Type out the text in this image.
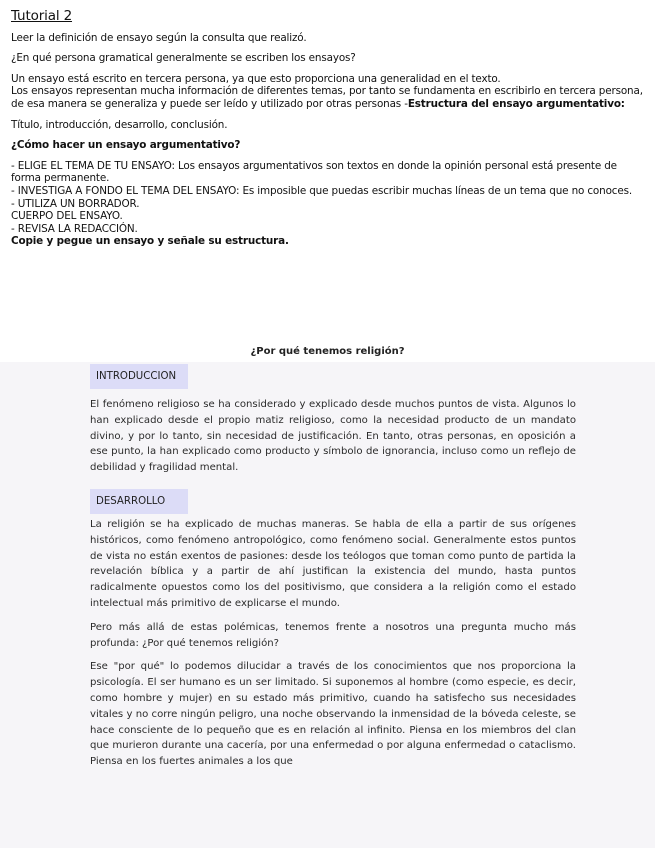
Tutorial 2

Leer la definición de ensayo según la consulta que realizó.

¿En qué persona gramatical generalmente se escriben los ensayos?

Un ensayo está escrito en tercera persona, ya que esto proporciona una generalidad en el texto.
Los ensayos representan mucha información de diferentes temas, por tanto se fundamenta en escribirlo en tercera persona, de esa manera se generaliza y puede ser leído y utilizado por otras personas -Estructura del ensayo argumentativo:

Título, introducción, desarrollo, conclusión.

¿Cómo hacer un ensayo argumentativo?

- ELIGE EL TEMA DE TU ENSAYO: Los ensayos argumentativos son textos en donde la opinión personal está presente de forma permanente.
- INVESTIGA A FONDO EL TEMA DEL ENSAYO: Es imposible que puedas escribir muchas líneas de un tema que no conoces.
- UTILIZA UN BORRADOR.
CUERPO DEL ENSAYO.
- REVISA LA REDACCIÓN.
Copie y pegue un ensayo y señale su estructura.
¿Por qué tenemos religión?
INTRODUCCION

El fenómeno religioso se ha considerado y explicado desde muchos puntos de vista. Algunos lo han explicado desde el propio matiz religioso, como la necesidad producto de un mandato divino, y por lo tanto, sin necesidad de justificación. En tanto, otras personas, en oposición a ese punto, la han explicado como producto y símbolo de ignorancia, incluso como un reflejo de debilidad y fragilidad mental.

DESARROLLO

La religión se ha explicado de muchas maneras. Se habla de ella a partir de sus orígenes históricos, como fenómeno antropológico, como fenómeno social. Generalmente estos puntos de vista no están exentos de pasiones: desde los teólogos que toman como punto de partida la revelación bíblica y a partir de ahí justifican la existencia del mundo, hasta puntos radicalmente opuestos como los del positivismo, que considera a la religión como el estado intelectual más primitivo de explicarse el mundo.

Pero más allá de estas polémicas, tenemos frente a nosotros una pregunta mucho más profunda: ¿Por qué tenemos religión?

Ese "por qué" lo podemos dilucidar a través de los conocimientos que nos proporciona la psicología. El ser humano es un ser limitado. Si suponemos al hombre (como especie, es decir, como hombre y mujer) en su estado más primitivo, cuando ha satisfecho sus necesidades vitales y no corre ningún peligro, una noche observando la inmensidad de la bóveda celeste, se hace consciente de lo pequeño que es en relación al infinito. Piensa en los miembros del clan que murieron durante una cacería, por una enfermedad o por alguna enfermedad o cataclismo. Piensa en los fuertes animales a los que
